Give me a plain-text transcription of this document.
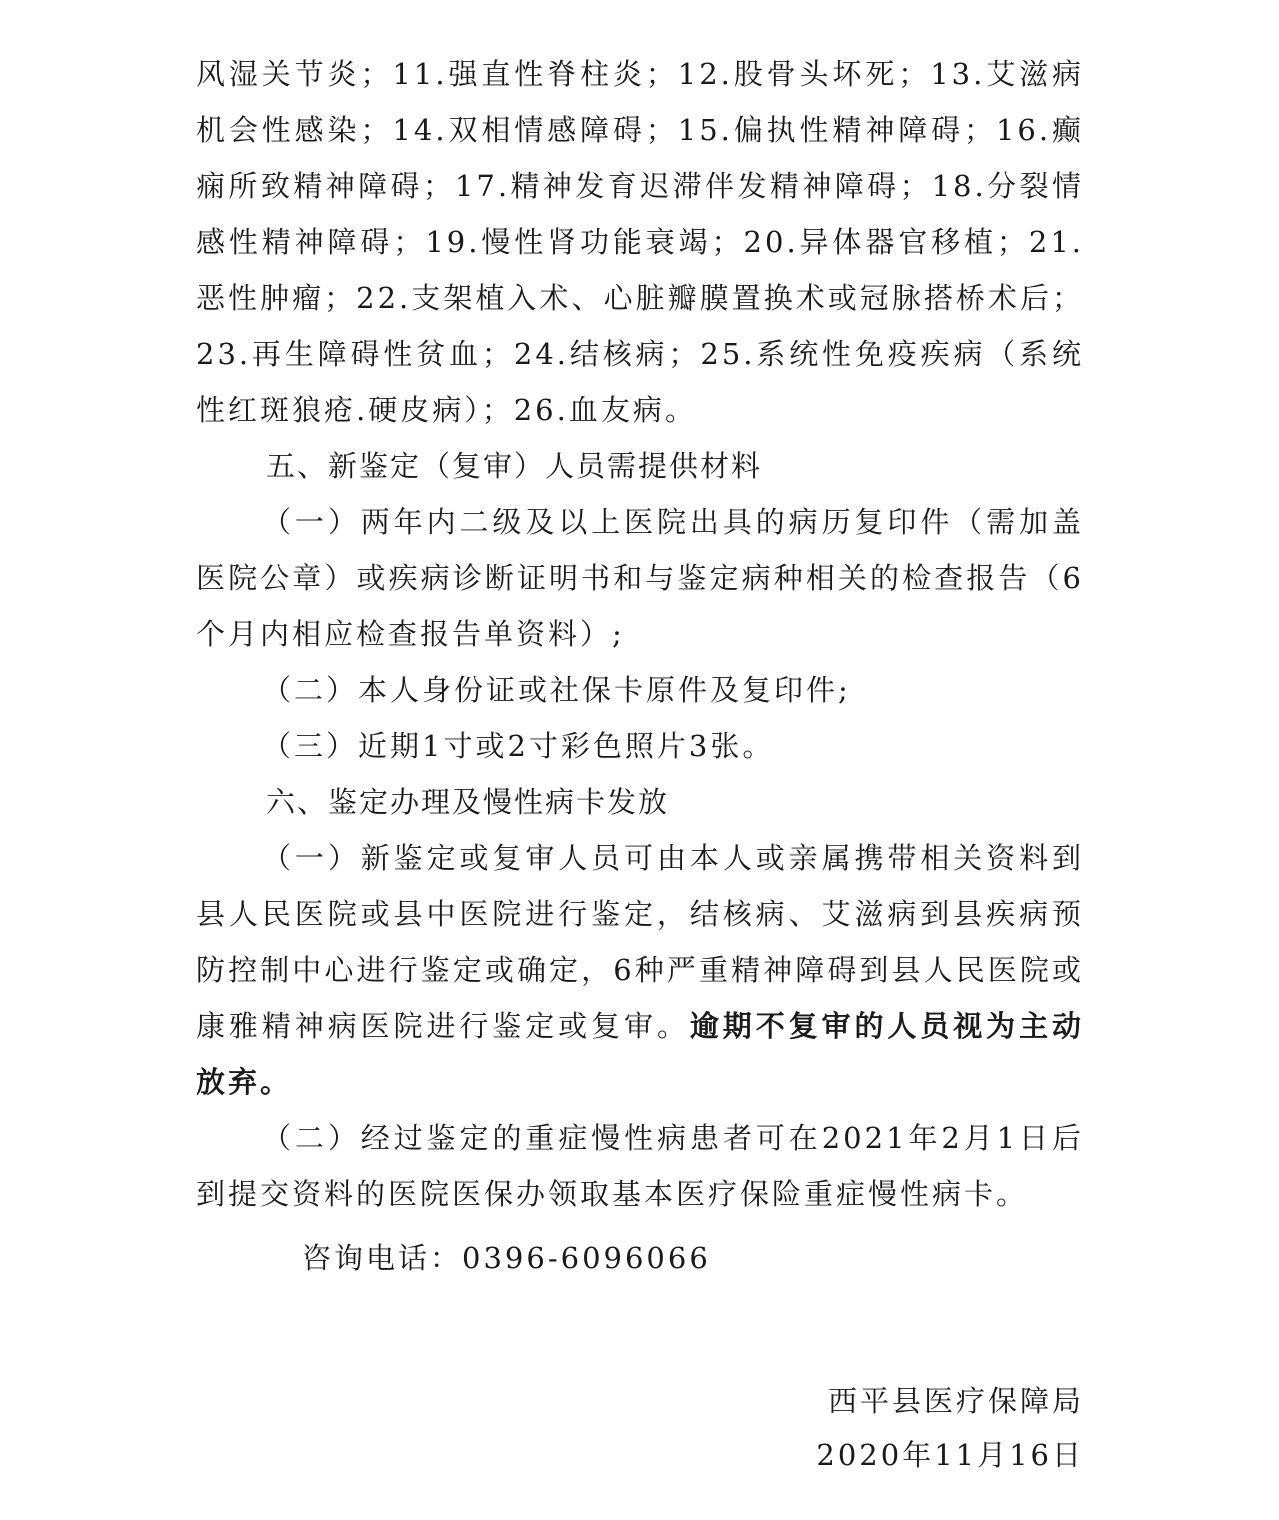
风湿关节炎；11.强直性脊柱炎；12.股骨头坏死；13.艾滋病机会性感染；14.双相情感障碍；15.偏执性精神障碍；16.癫痫所致精神障碍；17.精神发育迟滞伴发精神障碍；18.分裂情感性精神障碍；19.慢性肾功能衰竭；20.异体器官移植；21.恶性肿瘤；22.支架植入术、心脏瓣膜置换术或冠脉搭桥术后；23.再生障碍性贫血；24.结核病；25.系统性免疫疾病（系统性红斑狼疮.硬皮病）；26.血友病。

五、新鉴定（复审）人员需提供材料

（一）两年内二级及以上医院出具的病历复印件（需加盖医院公章）或疾病诊断证明书和与鉴定病种相关的检查报告（6个月内相应检查报告单资料）;

（二）本人身份证或社保卡原件及复印件;

（三）近期1寸或2寸彩色照片3张。

六、鉴定办理及慢性病卡发放

（一）新鉴定或复审人员可由本人或亲属携带相关资料到县人民医院或县中医院进行鉴定，结核病、艾滋病到县疾病预防控制中心进行鉴定或确定，6种严重精神障碍到县人民医院或康雅精神病医院进行鉴定或复审。逾期不复审的人员视为主动放弃。

（二）经过鉴定的重症慢性病患者可在2021年2月1日后到提交资料的医院医保办领取基本医疗保险重症慢性病卡。

咨询电话：0396-6096066

西平县医疗保障局
2020年11月16日
